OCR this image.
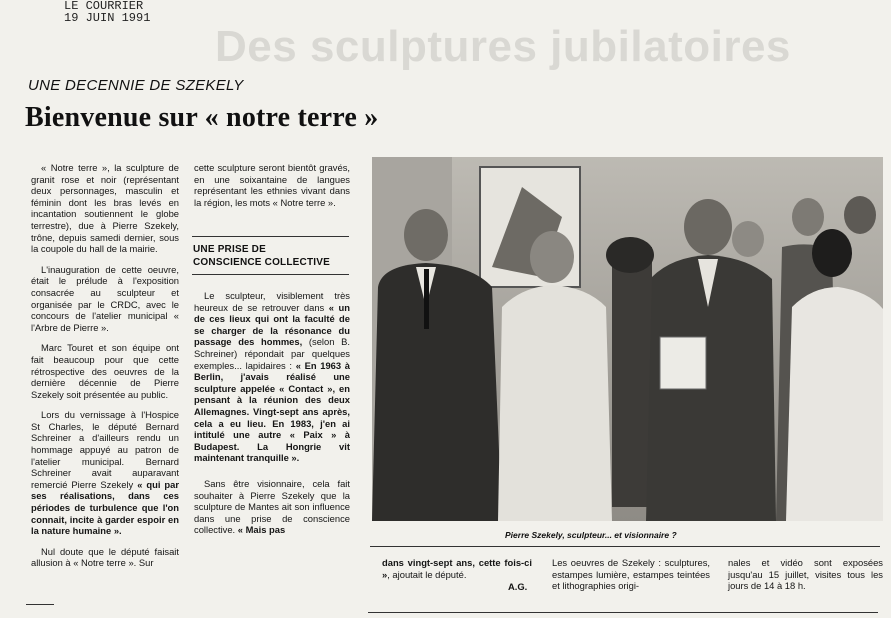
LE COURRIER
19 JUIN 1991
Des sculptures jubilatoires
UNE DECENNIE DE SZEKELY
Bienvenue sur « notre terre »

« Notre terre », la sculpture de granit rose et noir (représentant deux personnages, masculin et féminin dont les bras levés en incantation soutiennent le globe terrestre), due à Pierre Szekely, trône, depuis samedi dernier, sous la coupole du hall de la mairie.

L'inauguration de cette oeuvre, était le prélude à l'exposition consacrée au sculpteur et organisée par le CRDC, avec le concours de l'atelier municipal « l'Arbre de Pierre ».

Marc Touret et son équipe ont fait beaucoup pour que cette rétrospective des oeuvres de la dernière décennie de Pierre Szekely soit présentée au public.

Lors du vernissage à l'Hospice St Charles, le député Bernard Schreiner a d'ailleurs rendu un hommage appuyé au patron de l'atelier municipal. Bernard Schreiner avait auparavant remercié Pierre Szekely « qui par ses réalisations, dans ces périodes de turbulence que l'on connait, incite à garder espoir en la nature humaine ».

Nul doute que le député faisait allusion à « Notre terre ». Sur

cette sculpture seront bientôt gravés, en une soixantaine de langues représentant les ethnies vivant dans la région, les mots « Notre terre ».

UNE PRISE DE
CONSCIENCE COLLECTIVE

Le sculpteur, visiblement très heureux de se retrouver dans « un de ces lieux qui ont la faculté de se charger de la résonance du passage des hommes, (selon B. Schreiner) répondait par quelques exemples... lapidaires : « En 1963 à Berlin, j'avais réalisé une sculpture appelée « Contact », en pensant à la réunion des deux Allemagnes. Vingt-sept ans après, cela a eu lieu. En 1983, j'en ai intitulé une autre « Paix » à Budapest. La Hongrie vit maintenant tranquille ».

Sans être visionnaire, cela fait souhaiter à Pierre Szekely que la sculpture de Mantes ait son influence dans une prise de conscience collective. « Mais pas	Pierre Szekely, sculpteur... et visionnaire ?
dans vingt-sept ans, cette fois-ci », ajoutait le député.
A.G.
Les oeuvres de Szekely : sculptures, estampes lumière, estampes teintées et lithographies origi-
nales et vidéo sont exposées jusqu'au 15 juillet, visites tous les jours de 14 à 18 h.
